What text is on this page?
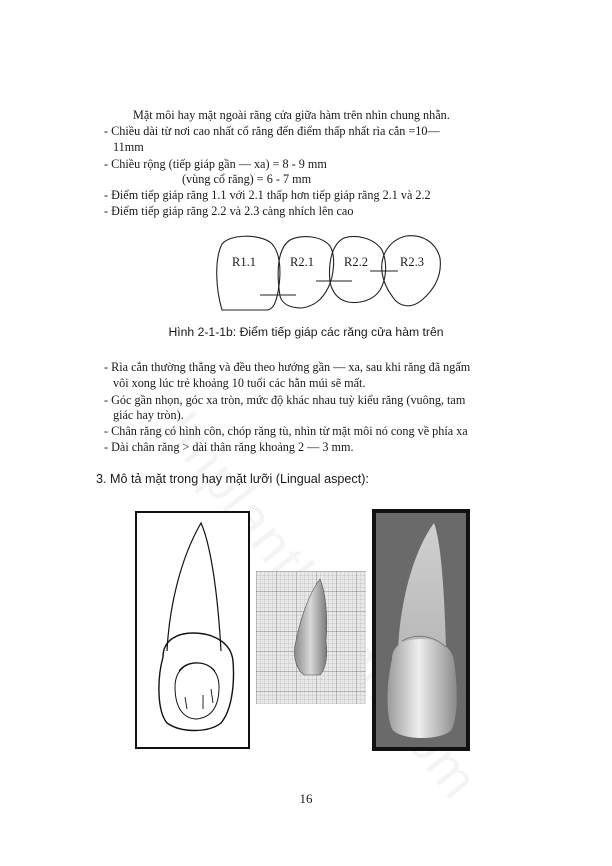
Mặt môi hay mặt ngoài răng cửa giữa hàm trên nhìn chung nhẵn.
- Chiều dài từ nơi cao nhất cổ răng đến điểm thấp nhất rìa cắn =10—
11mm
- Chiều rộng (tiếp giáp gần — xa) = 8 - 9 mm
(vùng cổ răng) = 6 - 7 mm
- Điểm tiếp giáp răng 1.1 với 2.1 thấp hơn tiếp giáp răng 2.1 và 2.2
- Điểm tiếp giáp răng 2.2 và 2.3 càng nhích lên cao
R1.1	R2.1 R2.2	R2.3
Hình 2-1-1b: Điểm tiếp giáp các răng cửa hàm trên
- Rìa cắn thường thẳng và đều theo hướng gần — xa, sau khi răng đã ngấm
vôi xong lúc trẻ khoảng 10 tuổi các hằn múi sẽ mất.
- Góc gần nhọn, góc xa tròn, mức độ khác nhau tuỳ kiểu răng (vuông, tam
giác hay tròn).
- Chân răng có hình côn, chóp răng tù, nhìn từ mặt môi nó cong về phía xa
- Dài chân răng > dài thân răng khoảng 2 — 3 mm.
3. Mô tả mặt trong hay mặt lưỡi (Lingual aspect):
16
